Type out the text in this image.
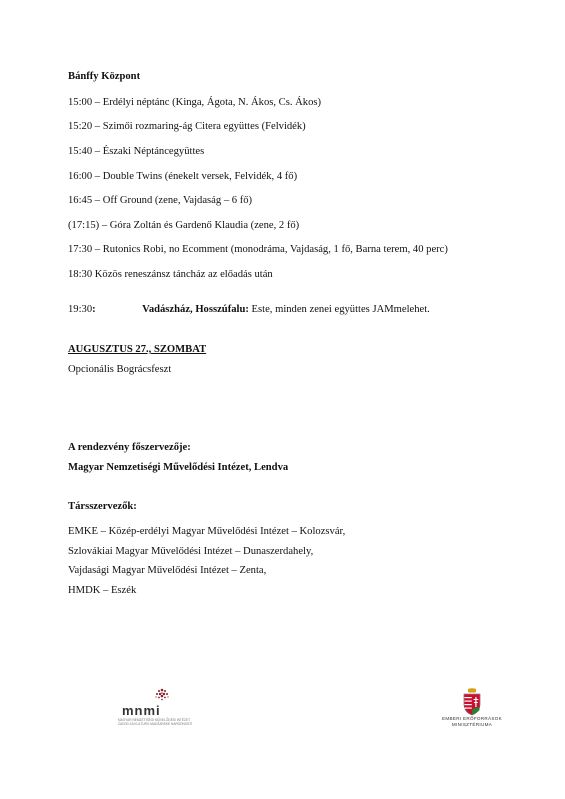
Bánffy Központ
15:00 – Erdélyi néptánc (Kinga, Ágota, N. Ákos, Cs. Ákos)
15:20 – Szimői rozmaring-ág Citera együttes (Felvidék)
15:40 – Északi Néptáncegyüttes
16:00 – Double Twins (énekelt versek, Felvidék, 4 fő)
16:45 – Off Ground (zene, Vajdaság – 6 fő)
(17:15) – Góra Zoltán és Gardenő Klaudia (zene, 2 fő)
17:30 – Rutonics Robi, no Ecomment (monodráma, Vajdaság, 1 fő, Barna terem, 40 perc)
18:30 Közös reneszánsz táncház az előadás után
19:30:	Vadászház, Hosszúfalu: Este, minden zenei együttes JAMmelehet.
AUGUSZTUS 27., SZOMBAT
Opcionális Bográcsfeszt
A rendezvény főszervezője:
Magyar Nemzetiségi Művelődési Intézet, Lendva
Társszervezők:
EMKE – Közép-erdélyi Magyar Művelődési Intézet – Kolozsvár,
Szlovákiai Magyar Művelődési Intézet – Dunaszerdahely,
Vajdasági Magyar Művelődési Intézet – Zenta,
HMDK – Eszék
mnmi
MAGYAR NEMZETISÉGI MŰVELŐDÉSI INTÉZET
ZAVOD ZA KULTURO MADŽARSKE NARODNOSTI
EMBERI ERŐFORRÁSOK
MINISZTÉRIUMA
